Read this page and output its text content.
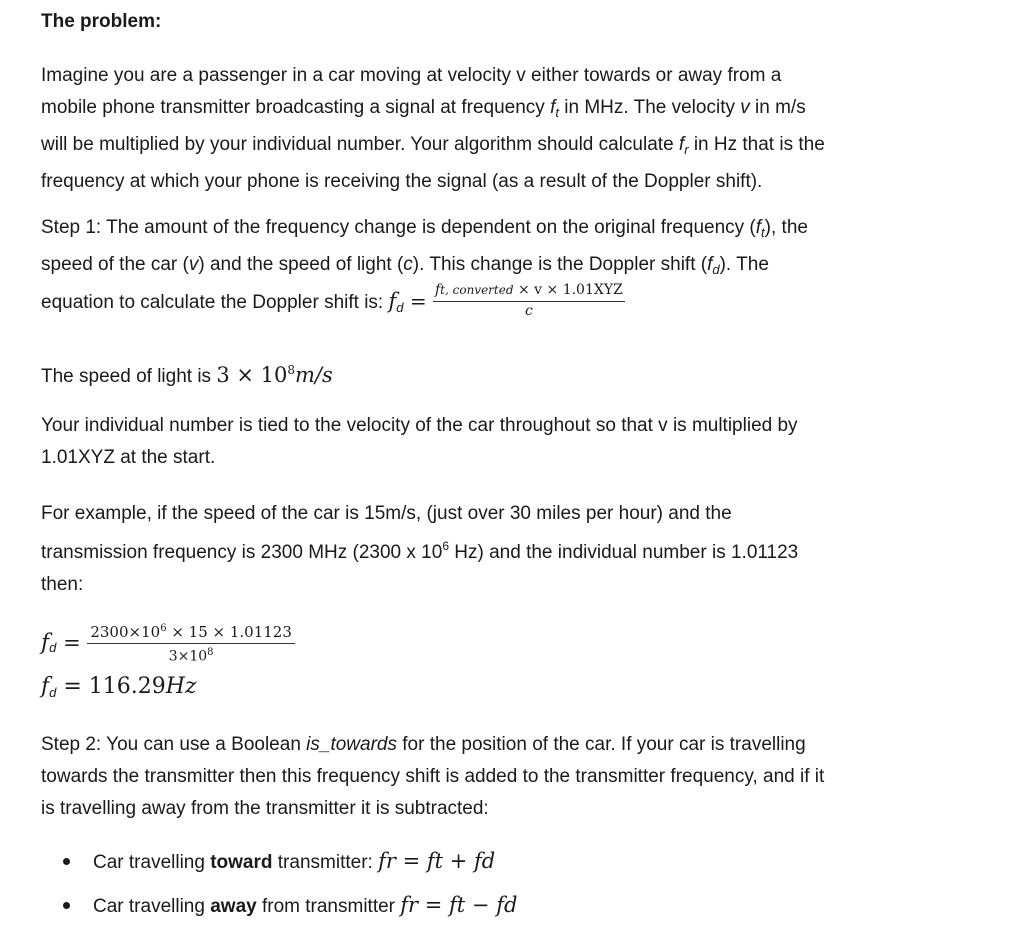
The problem:

Imagine you are a passenger in a car moving at velocity v either towards or away from a
mobile phone transmitter broadcasting a signal at frequency $f_t$ in MHz. The velocity v in m/s
will be multiplied by your individual number. Your algorithm should calculate $f_r$ in Hz that is the
frequency at which your phone is receiving the signal (as a result of the Doppler shift).

Step 1: The amount of the frequency change is dependent on the original frequency $(f_t)$, the
speed of the car (v) and the speed of light (c). This change is the Doppler shift $(f_d)$. The

equation to calculate the Doppler shift is: $f_d = \frac{\text{ft, converted × v × 1.01XYZ}}{c}$
The speed of light is $3 \times 10^8m/s$

Your individual number is tied to the velocity of the car throughout so that v is multiplied by
1.01XYZ at the start.

For example, if the speed of the car is 15m/s, (just over 30 miles per hour) and the
transmission frequency is 2300 MHz (2300 x $10^6$ Hz) and the individual number is 1.01123
then:

$f_d = \frac{2300\times 10^6 \times 15 \times 1.01123}{3\times 10^8}$
$f_d = 116.29Hz$

Step 2: You can use a Boolean is_towards for the position of the car. If your car is travelling
towards the transmitter then this frequency shift is added to the transmitter frequency, and if it
is travelling away from the transmitter it is subtracted:

Car travelling toward transmitter: fr = ft + fd
Car travelling away from transmitter fr = ft − fd
